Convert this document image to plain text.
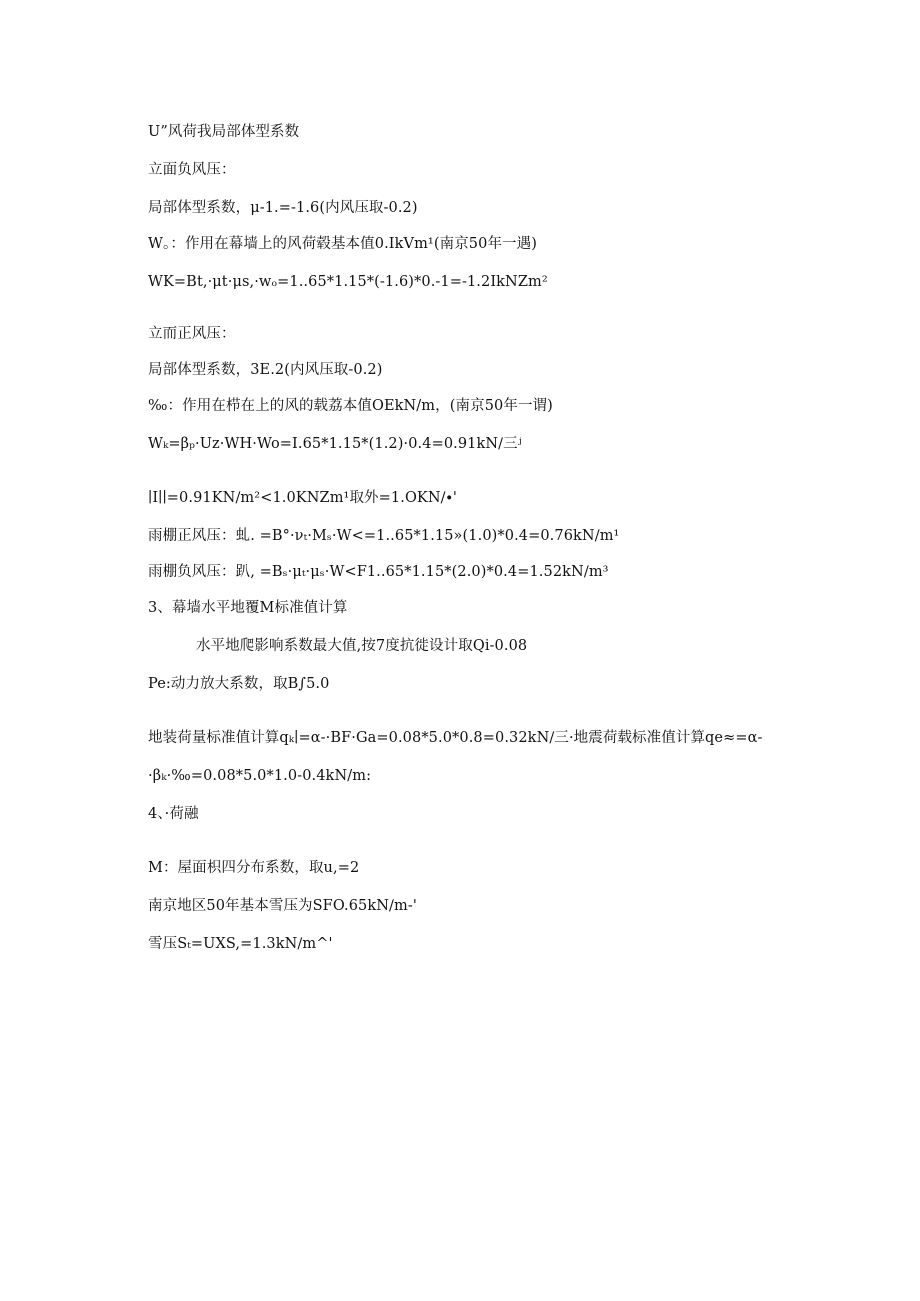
U”风荷我局部体型系数
立面负风压：
局部体型系数，μ-1.=-1.6(内风压取-0.2)
W。：作用在幕墙上的风荷毂基本值0.IkVm¹(南京50年一遇)
WK=Bt,·μt·μs,·wₒ=1..65*1.15*(-1.6)*0.-1=-1.2IkNZm²
立而正风压：
局部体型系数，3E.2(内风压取-0.2)
‰：作用在栉在上的风的载荔本值OEkN/m，(南京50年一谓)
Wₖ=βₚ·Uz·WH·Wo=I.65*1.15*(1.2)·0.4=0.91kN∕三ʲ
∣I∣∣=0.91KN∕m²<1.0KNZm¹取外=1.OKN∕∙'
雨棚正风压：虬. =B°·νₜ·Mₛ·W<=1..65*1.15»(1.0)*0.4=0.76kN∕m¹
雨棚负风压：趴, =Bₛ·μₜ·μₛ·W<F1..65*1.15*(2.0)*0.4=1.52kN∕m³
3、幕墙水平地覆M标准值计算
水平地爬影响系数最大值,按7度抗徙设计取Qi-0.08
Pe:动力放大系数，取B∫5.0
地装荷量标准值计算qₖ∣=α-·BF·Ga=0.08*5.0*0.8=0.32kN∕三·地震荷载标准值计算qe≈=α-
·βₖ·‰=0.08*5.0*1.0-0.4kN/m:
4、·荷融
M：屋面枳四分布系数，取u,=2
南京地区50年基本雪压为SFO.65kN∕m-'
雪压Sₜ=UXS,=1.3kN∕m^'
